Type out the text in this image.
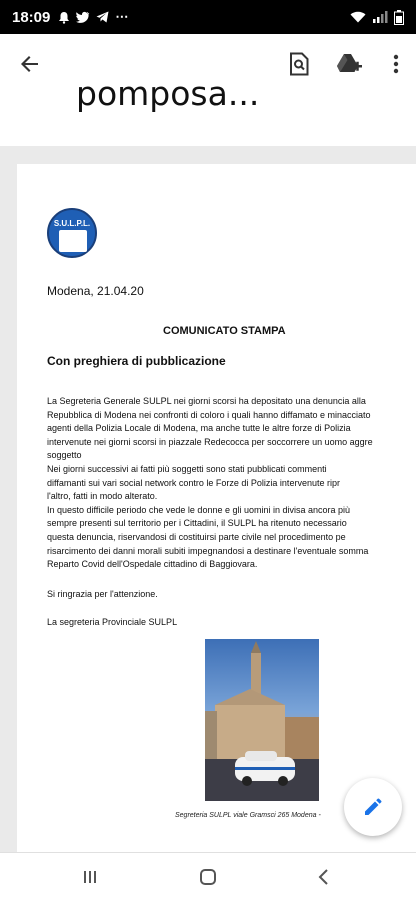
18:09	⋯
pomposa...
S.U.L.P.L.
Modena, 21.04.20
COMUNICATO STAMPA
Con preghiera di pubblicazione
La Segreteria Generale SULPL nei giorni scorsi ha depositato una denuncia alla
Repubblica di Modena nei confronti di coloro i quali hanno diffamato e minacciato
agenti della Polizia Locale di Modena, ma anche tutte le altre forze di Polizia
intervenute nei giorni scorsi in piazzale Redecocca per soccorrere un uomo aggre
soggetto
Nei giorni successivi ai fatti più soggetti sono stati pubblicati commenti
diffamanti sui vari social network contro le Forze di Polizia intervenute ripr
l'altro, fatti in modo alterato.
In questo difficile periodo che vede le donne e gli uomini in divisa ancora più
sempre presenti sul territorio per i Cittadini, il SULPL ha ritenuto necessario
questa denuncia, riservandosi di costituirsi parte civile nel procedimento pe
risarcimento dei danni morali subiti impegnandosi a destinare l'eventuale somma
Reparto Covid dell'Ospedale cittadino di Baggiovara.
Si ringrazia per l'attenzione.
La segreteria Provinciale SULPL
Segreteria SULPL viale Gramsci 265 Modena -
